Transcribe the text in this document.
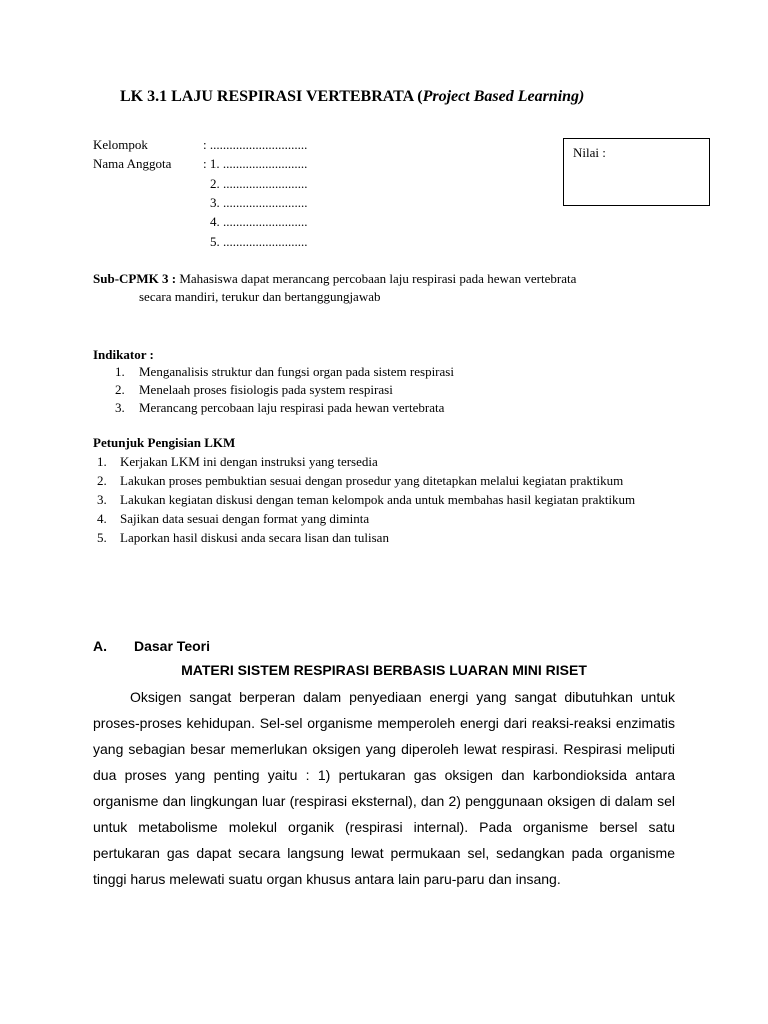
LK 3.1 LAJU RESPIRASI VERTEBRATA (Project Based Learning)
Kelompok	: ..............................
Nama Anggota : 1. ..........................
2. ..........................
3. ..........................
4. ..........................
5. ..........................
Nilai :
Sub-CPMK 3 : Mahasiswa dapat merancang percobaan laju respirasi pada hewan vertebrata
secara mandiri, terukur dan bertanggungjawab
Indikator :
1. Menganalisis struktur dan fungsi organ pada sistem respirasi
2. Menelaah proses fisiologis pada system respirasi
3. Merancang percobaan laju respirasi pada hewan vertebrata
Petunjuk Pengisian LKM
1. Kerjakan LKM ini dengan instruksi yang tersedia
2. Lakukan proses pembuktian sesuai dengan prosedur yang ditetapkan melalui kegiatan praktikum
3. Lakukan kegiatan diskusi dengan teman kelompok anda untuk membahas hasil kegiatan praktikum
4. Sajikan data sesuai dengan format yang diminta
5. Laporkan hasil diskusi anda secara lisan dan tulisan
A. Dasar Teori
MATERI SISTEM RESPIRASI BERBASIS LUARAN MINI RISET

Oksigen sangat berperan dalam penyediaan energi yang sangat dibutuhkan untuk proses-proses kehidupan. Sel-sel organisme memperoleh energi dari reaksi-reaksi enzimatis yang sebagian besar memerlukan oksigen yang diperoleh lewat respirasi. Respirasi meliputi dua proses yang penting yaitu : 1) pertukaran gas oksigen dan karbondioksida antara organisme dan lingkungan luar (respirasi eksternal), dan 2) penggunaan oksigen di dalam sel untuk metabolisme molekul organik (respirasi internal). Pada organisme bersel satu pertukaran gas dapat secara langsung lewat permukaan sel, sedangkan pada organisme tinggi harus melewati suatu organ khusus antara lain paru-paru dan insang.
